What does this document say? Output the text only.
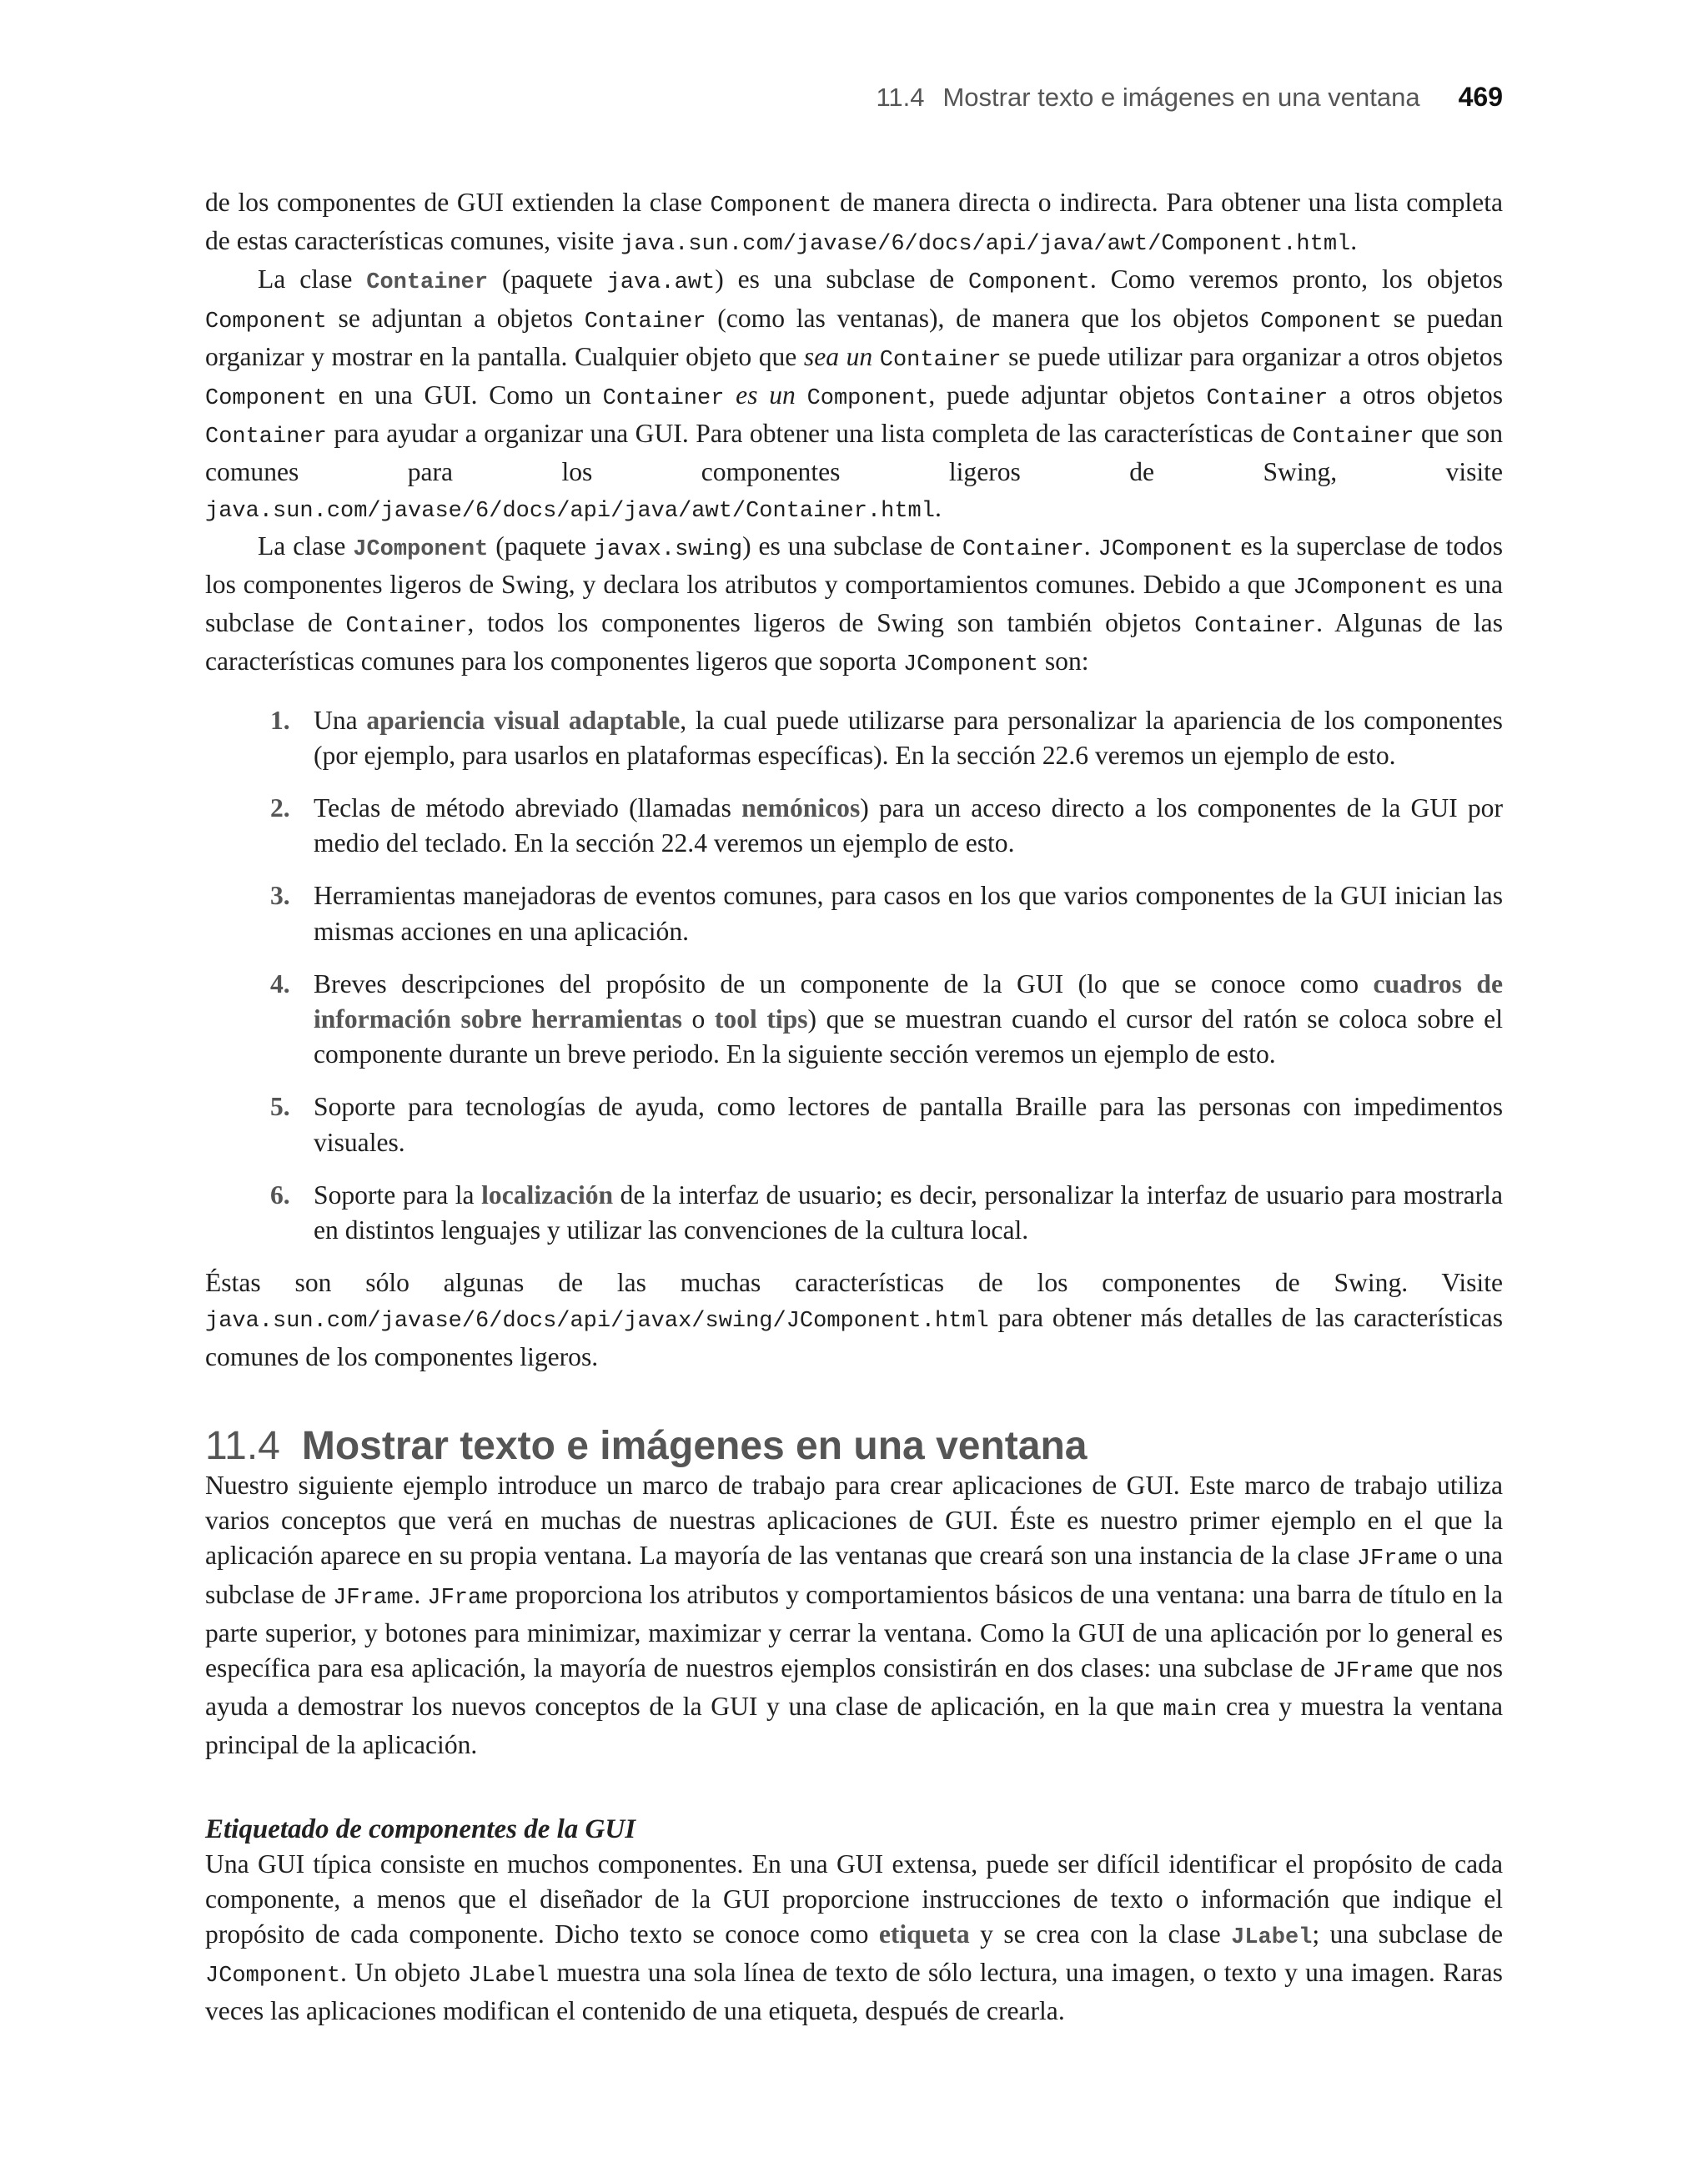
11.4 Mostrar texto e imágenes en una ventana 469

de los componentes de GUI extienden la clase Component de manera directa o indirecta. Para obtener una lista completa de estas características comunes, visite java.sun.com/javase/6/docs/api/java/awt/Component.html.

La clase Container (paquete java.awt) es una subclase de Component. Como veremos pronto, los objetos Component se adjuntan a objetos Container (como las ventanas), de manera que los objetos Component se puedan organizar y mostrar en la pantalla. Cualquier objeto que sea un Container se puede utilizar para organizar a otros objetos Component en una GUI. Como un Container es un Component, puede adjuntar objetos Container a otros objetos Container para ayudar a organizar una GUI. Para obtener una lista completa de las características de Container que son comunes para los componentes ligeros de Swing, visite java.sun.com/javase/6/docs/api/java/awt/Container.html.

La clase JComponent (paquete javax.swing) es una subclase de Container. JComponent es la superclase de todos los componentes ligeros de Swing, y declara los atributos y comportamientos comunes. Debido a que JComponent es una subclase de Container, todos los componentes ligeros de Swing son también objetos Container. Algunas de las características comunes para los componentes ligeros que soporta JComponent son:

1. Una apariencia visual adaptable, la cual puede utilizarse para personalizar la apariencia de los componentes (por ejemplo, para usarlos en plataformas específicas). En la sección 22.6 veremos un ejemplo de esto.

2. Teclas de método abreviado (llamadas nemónicos) para un acceso directo a los componentes de la GUI por medio del teclado. En la sección 22.4 veremos un ejemplo de esto.

3. Herramientas manejadoras de eventos comunes, para casos en los que varios componentes de la GUI inician las mismas acciones en una aplicación.

4. Breves descripciones del propósito de un componente de la GUI (lo que se conoce como cuadros de información sobre herramientas o tool tips) que se muestran cuando el cursor del ratón se coloca sobre el componente durante un breve periodo. En la siguiente sección veremos un ejemplo de esto.

5. Soporte para tecnologías de ayuda, como lectores de pantalla Braille para las personas con impedimentos visuales.

6. Soporte para la localización de la interfaz de usuario; es decir, personalizar la interfaz de usuario para mostrarla en distintos lenguajes y utilizar las convenciones de la cultura local.

Éstas son sólo algunas de las muchas características de los componentes de Swing. Visite java.sun.com/javase/6/docs/api/javax/swing/JComponent.html para obtener más detalles de las características comunes de los componentes ligeros.

11.4 Mostrar texto e imágenes en una ventana

Nuestro siguiente ejemplo introduce un marco de trabajo para crear aplicaciones de GUI. Este marco de trabajo utiliza varios conceptos que verá en muchas de nuestras aplicaciones de GUI. Éste es nuestro primer ejemplo en el que la aplicación aparece en su propia ventana. La mayoría de las ventanas que creará son una instancia de la clase JFrame o una subclase de JFrame. JFrame proporciona los atributos y comportamientos básicos de una ventana: una barra de título en la parte superior, y botones para minimizar, maximizar y cerrar la ventana. Como la GUI de una aplicación por lo general es específica para esa aplicación, la mayoría de nuestros ejemplos consistirán en dos clases: una subclase de JFrame que nos ayuda a demostrar los nuevos conceptos de la GUI y una clase de aplicación, en la que main crea y muestra la ventana principal de la aplicación.

Etiquetado de componentes de la GUI

Una GUI típica consiste en muchos componentes. En una GUI extensa, puede ser difícil identificar el propósito de cada componente, a menos que el diseñador de la GUI proporcione instrucciones de texto o información que indique el propósito de cada componente. Dicho texto se conoce como etiqueta y se crea con la clase JLabel; una subclase de JComponent. Un objeto JLabel muestra una sola línea de texto de sólo lectura, una imagen, o texto y una imagen. Raras veces las aplicaciones modifican el contenido de una etiqueta, después de crearla.
